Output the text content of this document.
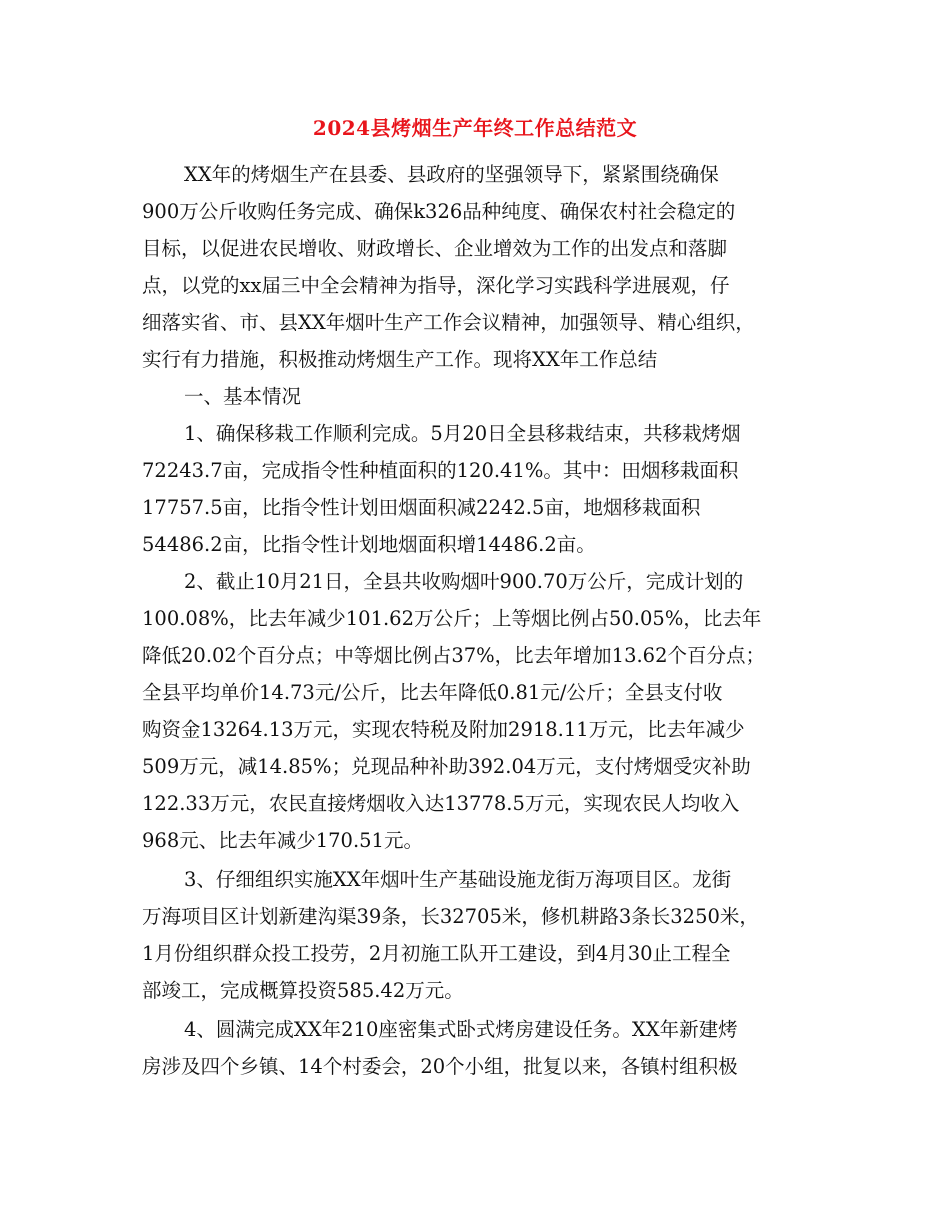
2024县烤烟生产年终工作总结范文
XX年的烤烟生产在县委、县政府的坚强领导下，紧紧围绕确保
900万公斤收购任务完成、确保k326品种纯度、确保农村社会稳定的
目标，以促进农民增收、财政增长、企业增效为工作的出发点和落脚
点，以党的xx届三中全会精神为指导，深化学习实践科学进展观，仔
细落实省、市、县XX年烟叶生产工作会议精神，加强领导、精心组织，
实行有力措施，积极推动烤烟生产工作。现将XX年工作总结
一、基本情况
1、确保移栽工作顺利完成。5月20日全县移栽结束，共移栽烤烟
72243.7亩，完成指令性种植面积的120.41%。其中：田烟移栽面积
17757.5亩，比指令性计划田烟面积减2242.5亩，地烟移栽面积
54486.2亩，比指令性计划地烟面积增14486.2亩。
2、截止10月21日，全县共收购烟叶900.70万公斤，完成计划的
100.08%，比去年减少101.62万公斤；上等烟比例占50.05%，比去年
降低20.02个百分点；中等烟比例占37%，比去年增加13.62个百分点；
全县平均单价14.73元/公斤，比去年降低0.81元/公斤；全县支付收
购资金13264.13万元，实现农特税及附加2918.11万元，比去年减少
509万元，减14.85%；兑现品种补助392.04万元，支付烤烟受灾补助
122.33万元，农民直接烤烟收入达13778.5万元，实现农民人均收入
968元、比去年减少170.51元。
3、仔细组织实施XX年烟叶生产基础设施龙街万海项目区。龙街
万海项目区计划新建沟渠39条，长32705米，修机耕路3条长3250米，
1月份组织群众投工投劳，2月初施工队开工建设，到4月30止工程全
部竣工，完成概算投资585.42万元。
4、圆满完成XX年210座密集式卧式烤房建设任务。XX年新建烤
房涉及四个乡镇、14个村委会，20个小组，批复以来，各镇村组积极
